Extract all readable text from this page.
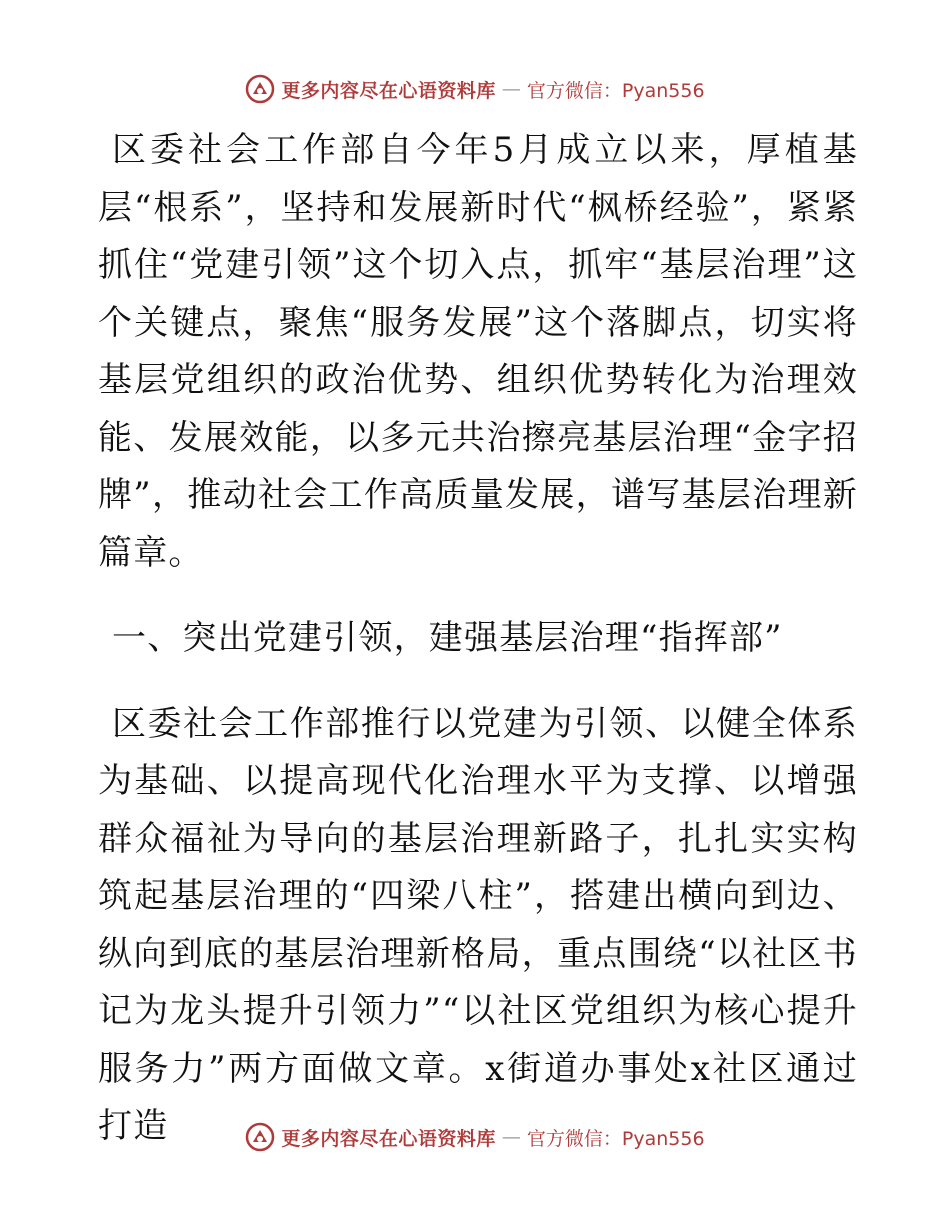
更多内容尽在心语资料库 — 官方微信：Pyan556

区委社会工作部自今年5月成立以来，厚植基层“根系”，坚持和发展新时代“枫桥经验”，紧紧抓住“党建引领”这个切入点，抓牢“基层治理”这个关键点，聚焦“服务发展”这个落脚点，切实将基层党组织的政治优势、组织优势转化为治理效能、发展效能，以多元共治擦亮基层治理“金字招牌”，推动社会工作高质量发展，谱写基层治理新篇章。

一、突出党建引领，建强基层治理“指挥部”

区委社会工作部推行以党建为引领、以健全体系为基础、以提高现代化治理水平为支撑、以增强群众福祉为导向的基层治理新路子，扎扎实实构筑起基层治理的“四梁八柱”，搭建出横向到边、纵向到底的基层治理新格局，重点围绕“以社区书记为龙头提升引领力”“以社区党组织为核心提升服务力”两方面做文章。x街道办事处x社区通过打造	更多内容尽在心语资料库 — 官方微信：Pyan556
